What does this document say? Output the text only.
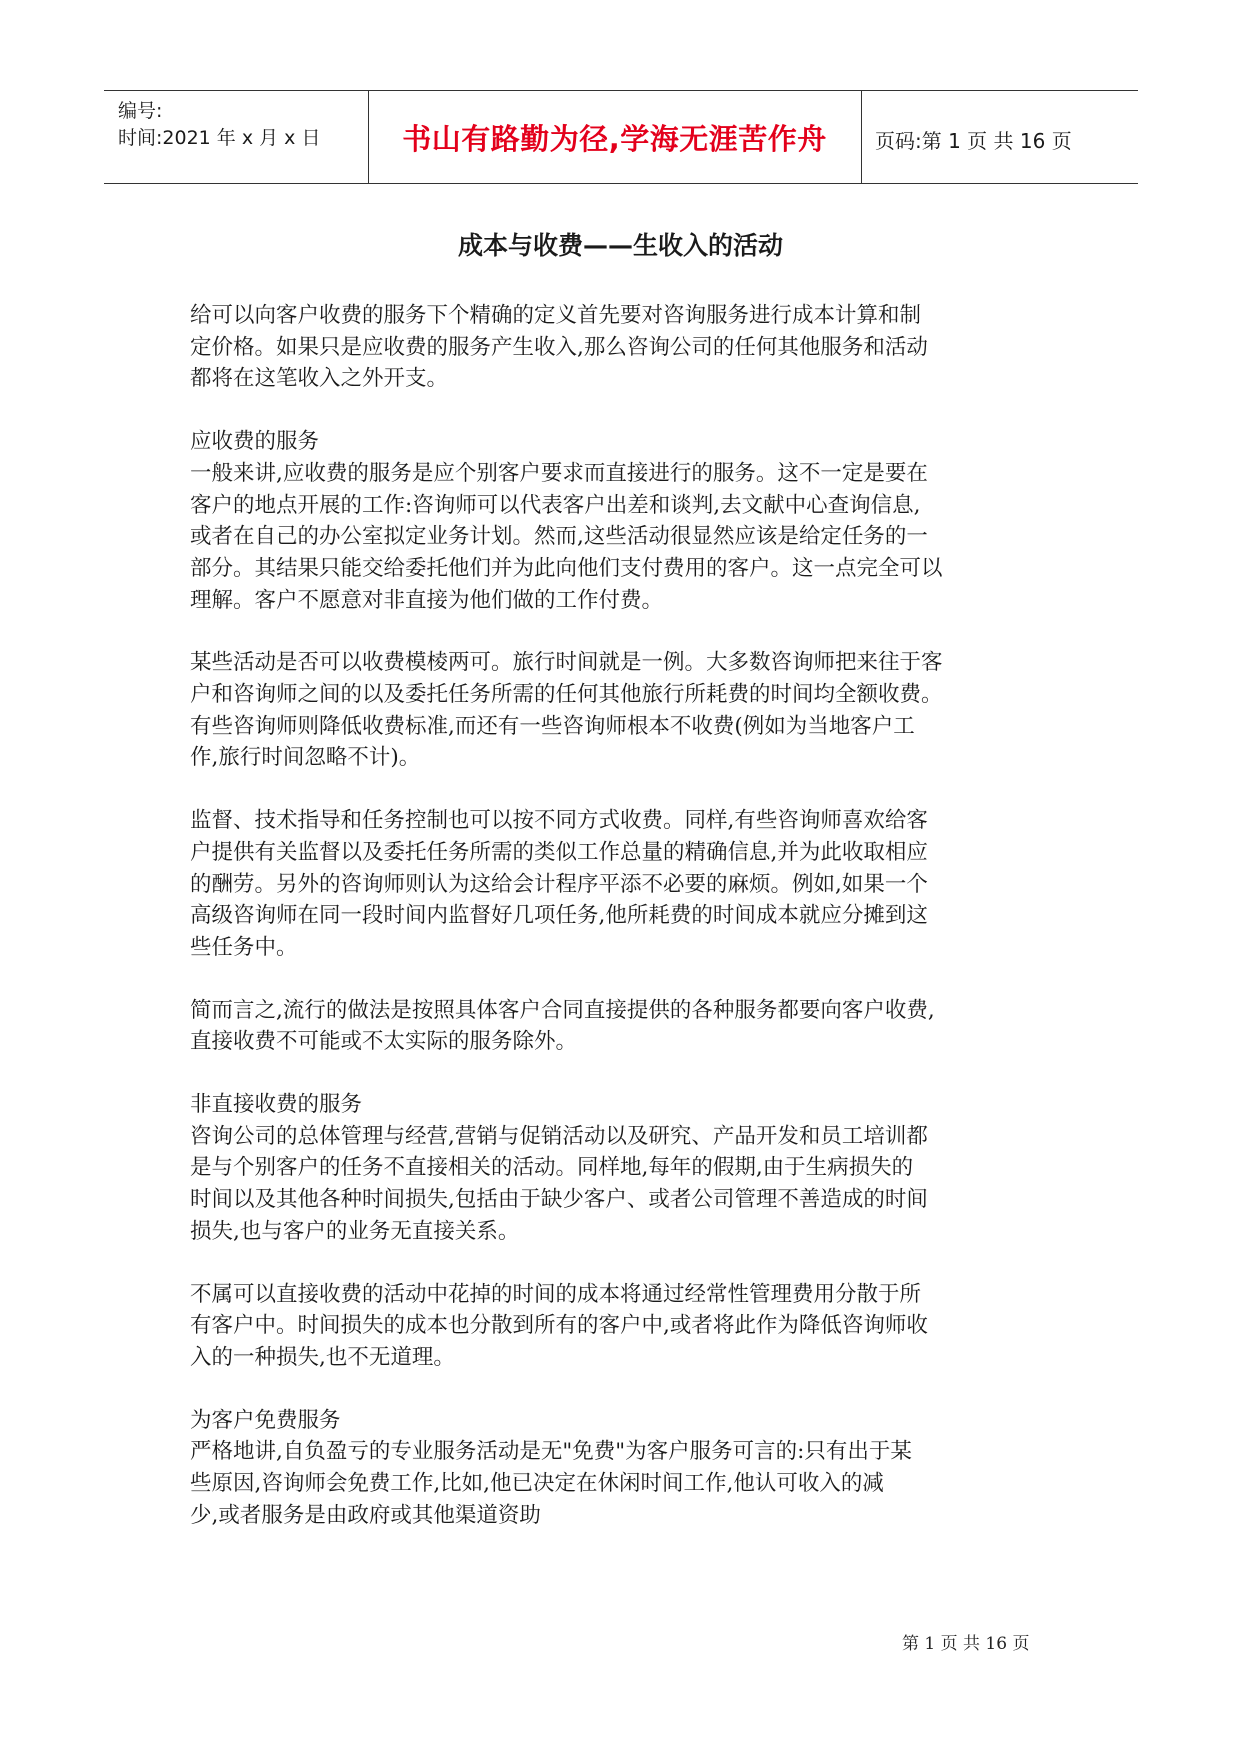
编号:
时间:2021 年 x 月 x 日	书山有路勤为径,学海无涯苦作舟	页码:第 1 页 共 16 页
成本与收费——生收入的活动

给可以向客户收费的服务下个精确的定义首先要对咨询服务进行成本计算和制

定价格。如果只是应收费的服务产生收入,那么咨询公司的任何其他服务和活动

都将在这笔收入之外开支。

应收费的服务

一般来讲,应收费的服务是应个别客户要求而直接进行的服务。这不一定是要在

客户的地点开展的工作:咨询师可以代表客户出差和谈判,去文献中心查询信息,

或者在自己的办公室拟定业务计划。然而,这些活动很显然应该是给定任务的一

部分。其结果只能交给委托他们并为此向他们支付费用的客户。这一点完全可以

理解。客户不愿意对非直接为他们做的工作付费。

某些活动是否可以收费模棱两可。旅行时间就是一例。大多数咨询师把来往于客

户和咨询师之间的以及委托任务所需的任何其他旅行所耗费的时间均全额收费。

有些咨询师则降低收费标准,而还有一些咨询师根本不收费(例如为当地客户工

作,旅行时间忽略不计)。

监督、技术指导和任务控制也可以按不同方式收费。同样,有些咨询师喜欢给客

户提供有关监督以及委托任务所需的类似工作总量的精确信息,并为此收取相应

的酬劳。另外的咨询师则认为这给会计程序平添不必要的麻烦。例如,如果一个

高级咨询师在同一段时间内监督好几项任务,他所耗费的时间成本就应分摊到这

些任务中。

简而言之,流行的做法是按照具体客户合同直接提供的各种服务都要向客户收费,

直接收费不可能或不太实际的服务除外。

非直接收费的服务

咨询公司的总体管理与经营,营销与促销活动以及研究、产品开发和员工培训都

是与个别客户的任务不直接相关的活动。同样地,每年的假期,由于生病损失的

时间以及其他各种时间损失,包括由于缺少客户、或者公司管理不善造成的时间

损失,也与客户的业务无直接关系。

不属可以直接收费的活动中花掉的时间的成本将通过经常性管理费用分散于所

有客户中。时间损失的成本也分散到所有的客户中,或者将此作为降低咨询师收

入的一种损失,也不无道理。

为客户免费服务

严格地讲,自负盈亏的专业服务活动是无"免费"为客户服务可言的:只有出于某

些原因,咨询师会免费工作,比如,他已决定在休闲时间工作,他认可收入的减

少,或者服务是由政府或其他渠道资助

第 1 页 共 16 页
